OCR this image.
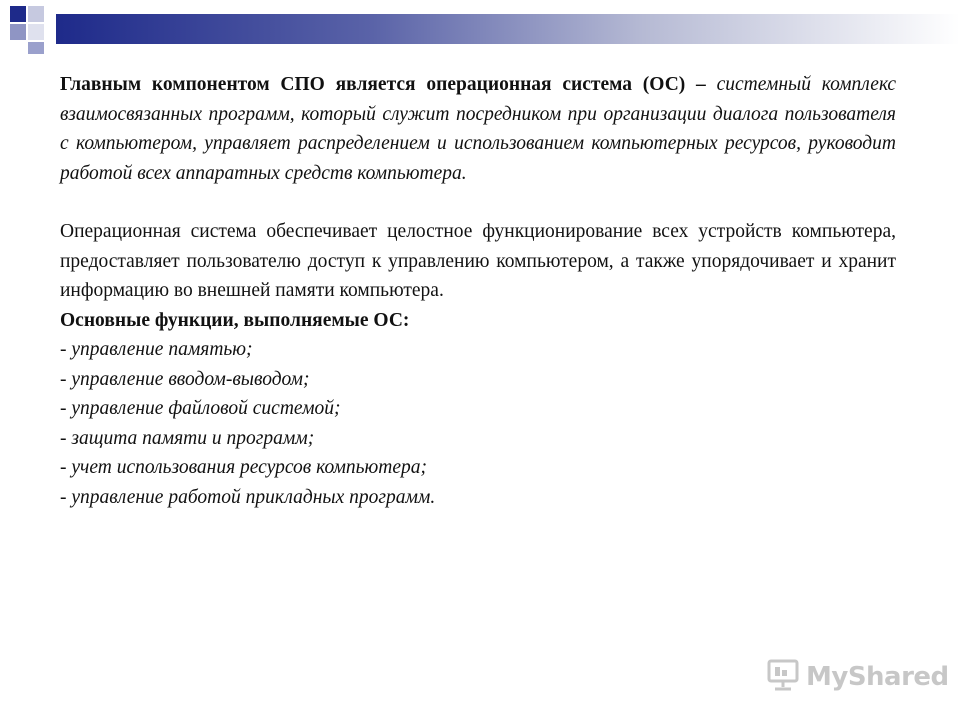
Главным компонентом СПО является операционная система (ОС) – системный комплекс взаимосвязанных программ, который служит посредником при организации диалога пользователя с компьютером, управляет распределением и использованием компьютерных ресурсов, руководит работой всех аппаратных средств компьютера.

Операционная система обеспечивает целостное функционирование всех устройств компьютера, предоставляет пользователю доступ к управлению компьютером, а также упорядочивает и хранит информацию во внешней памяти компьютера.

Основные функции, выполняемые ОС:

- управление памятью;
- управление вводом-выводом;
- управление файловой системой;
- защита памяти и программ;
- учет использования ресурсов компьютера;
- управление работой прикладных программ.
MyShared
